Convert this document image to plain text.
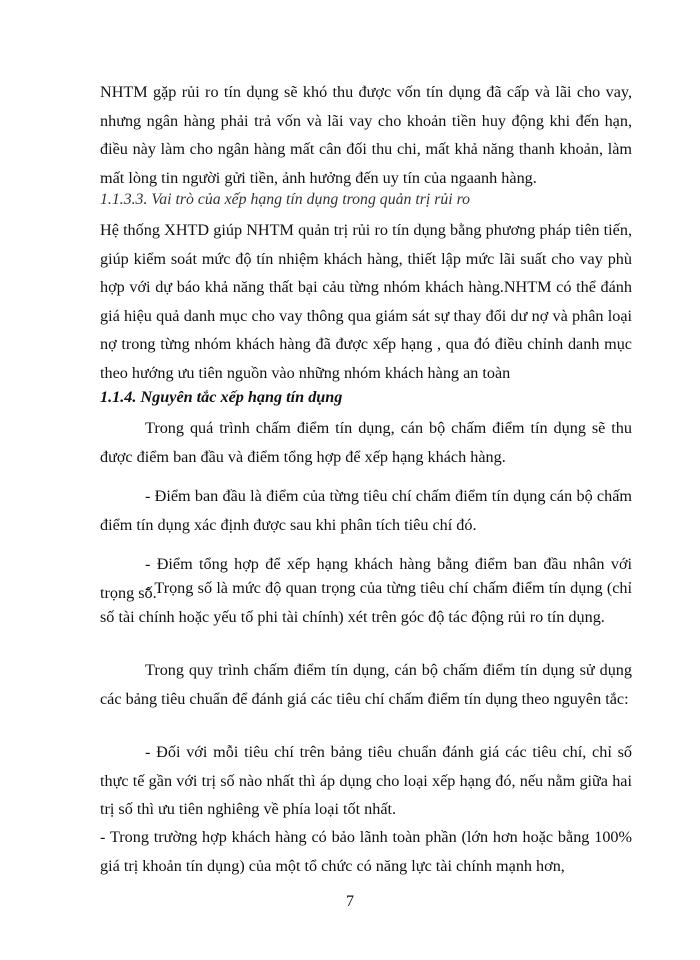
NHTM gặp rủi ro tín dụng sẽ khó thu được vốn tín dụng đã cấp và lãi cho vay, nhưng ngân hàng phải trả vốn và lãi vay cho khoản tiền huy động khi đến hạn, điều này làm cho ngân hàng mất cân đối thu chi, mất khả năng thanh khoản, làm mất lòng tin người gửi tiền, ảnh hưởng đến uy tín của ngaanh hàng.
1.1.3.3. Vai trò của xếp hạng tín dụng trong quản trị rủi ro
Hệ thống XHTD giúp NHTM quản trị rủi ro tín dụng bằng phương pháp tiên tiến, giúp kiểm soát mức độ tín nhiệm khách hàng, thiết lập mức lãi suất cho vay phù hợp với dự báo khả năng thất bại cảu từng nhóm khách hàng.NHTM có thể đánh giá hiệu quả danh mục cho vay thông qua giám sát sự thay đổi dư nợ và phân loại nợ trong từng nhóm khách hàng đã được xếp hạng , qua đó điều chỉnh danh mục theo hướng ưu tiên nguồn vào những nhóm khách hàng an toàn
1.1.4. Nguyên tắc xếp hạng tín dụng
Trong quá trình chấm điểm tín dụng, cán bộ chấm điểm tín dụng sẽ thu được điểm ban đầu và điểm tổng hợp để xếp hạng khách hàng.
- Điểm ban đầu là điểm của từng tiêu chí chấm điểm tín dụng cán bộ chấm điểm tín dụng xác định được sau khi phân tích tiêu chí đó.
- Điểm tổng hợp để xếp hạng khách hàng bằng điểm ban đầu nhân với trọng số.
- Trọng số là mức độ quan trọng của từng tiêu chí chấm điểm tín dụng (chỉ số tài chính hoặc yếu tố phi tài chính) xét trên góc độ tác động rủi ro tín dụng.
Trong quy trình chấm điểm tín dụng, cán bộ chấm điểm tín dụng sử dụng các bảng tiêu chuẩn để đánh giá các tiêu chí chấm điểm tín dụng theo nguyên tắc:
- Đối với mỗi tiêu chí trên bảng tiêu chuẩn đánh giá các tiêu chí, chỉ số thực tế gần với trị số nào nhất thì áp dụng cho loại xếp hạng đó, nếu nằm giữa hai trị số thì ưu tiên nghiêng về phía loại tốt nhất.
- Trong trường hợp khách hàng có bảo lãnh toàn phần (lớn hơn hoặc bằng 100% giá trị khoản tín dụng) của một tổ chức có năng lực tài chính mạnh hơn,
7
